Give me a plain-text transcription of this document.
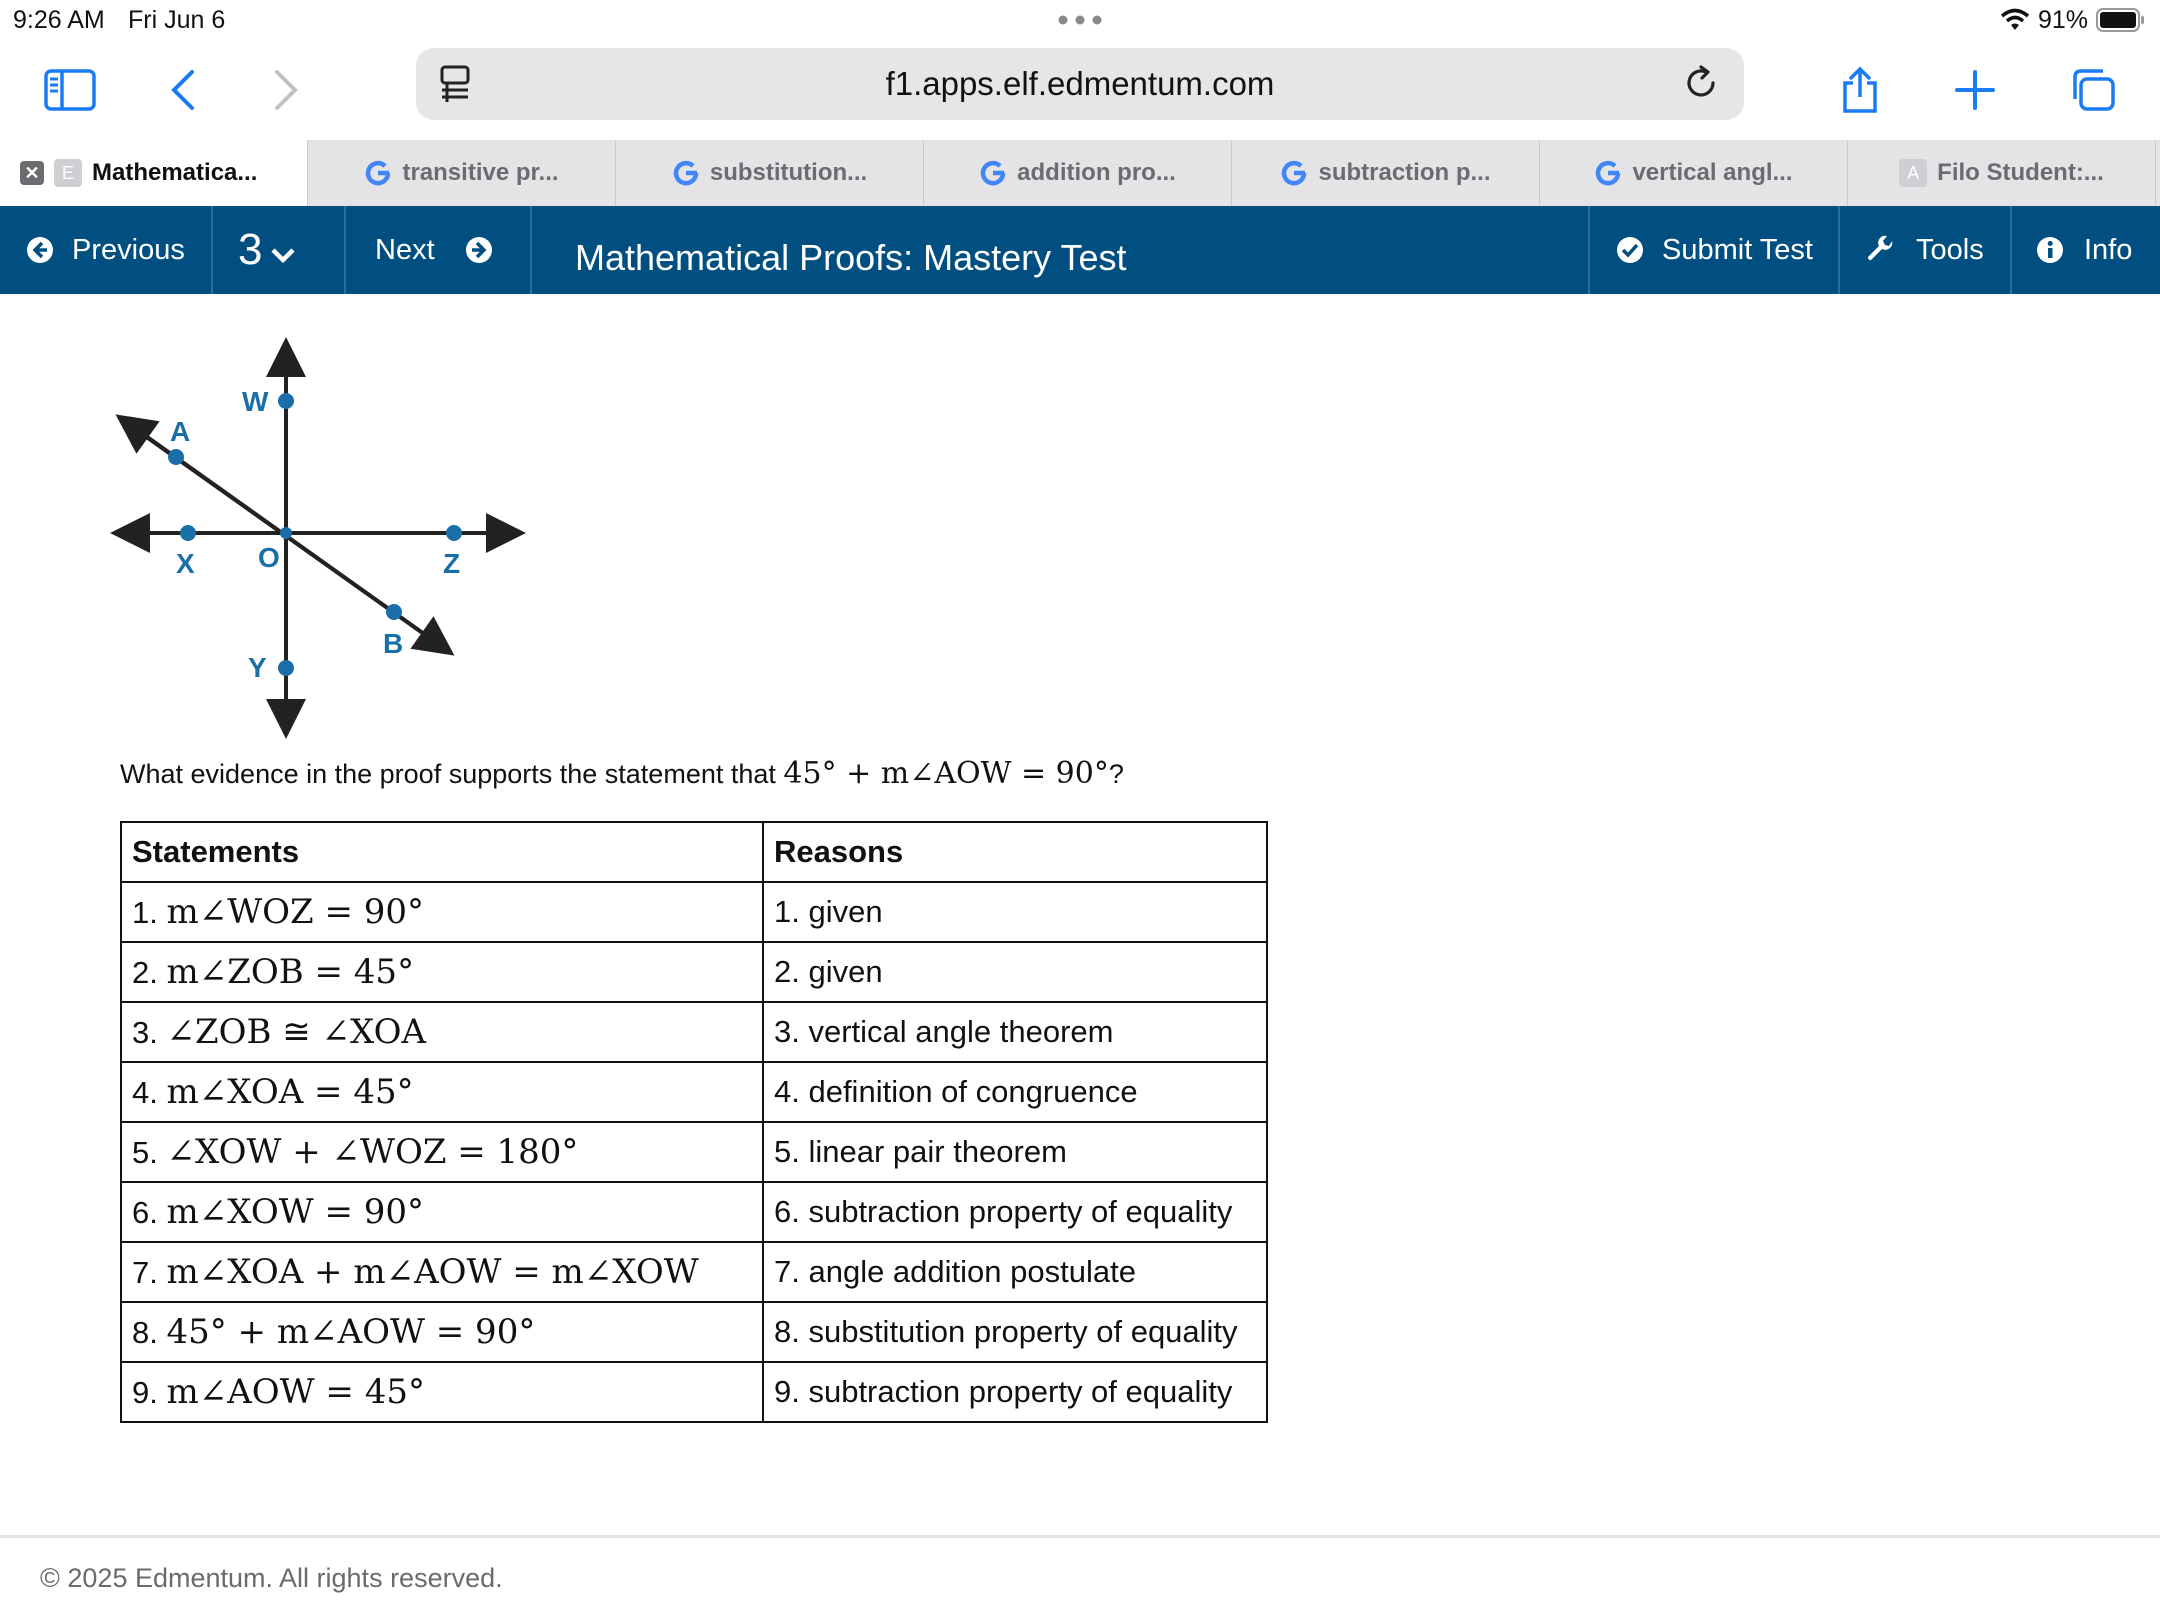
9:26 AM Fri Jun 6	91%
f1.apps.elf.edmentum.com
✕	E Mathematica...	transitive pr...	substitution...	addition pro...	subtraction p...	vertical angl...	A Filo Student:...
Previous 3	Next	Mathematical Proofs: Mastery Test	Submit Test	Tools	Info
W
A
X O	Z
B
Y
What evidence in the proof supports the statement that 45° + m∠AOW = 90°?
Statements	Reasons
1. m∠WOZ = 90°	1. given
2. m∠ZOB = 45°	2. given
3. ∠ZOB ≅ ∠XOA	3. vertical angle theorem
4. m∠XOA = 45°	4. definition of congruence
5. ∠XOW + ∠WOZ = 180°	5. linear pair theorem
6. m∠XOW = 90°	6. subtraction property of equality
7. m∠XOA + m∠AOW = m∠XOW	7. angle addition postulate
8. 45° + m∠AOW = 90°	8. substitution property of equality
9. m∠AOW = 45°	9. subtraction property of equality
© 2025 Edmentum. All rights reserved.
